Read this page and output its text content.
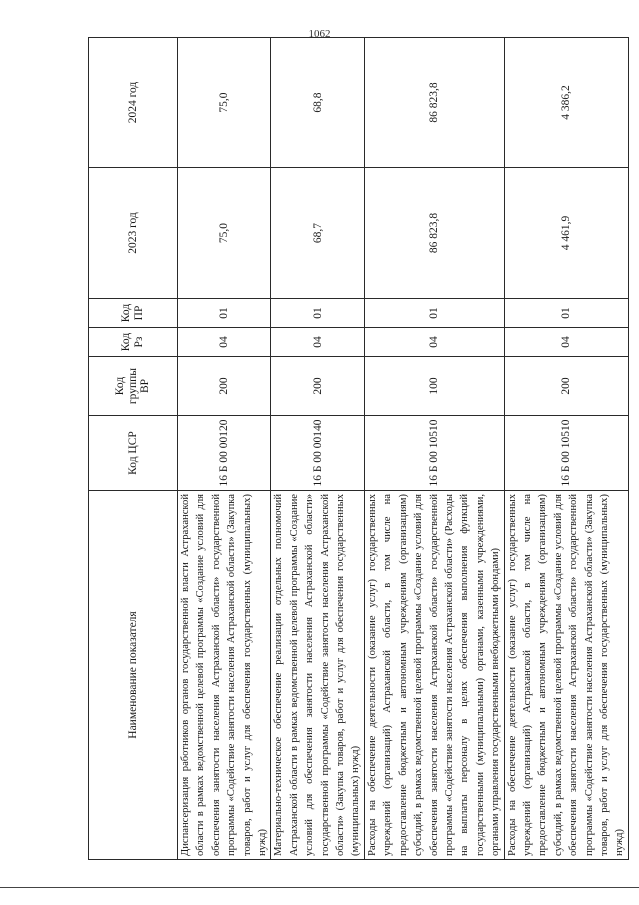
1062
Наименование показателя	Код ЦСР	Код группы ВР	Код Рз	Код ПР	2023 год	2024 год
Диспансеризация работников органов государственной власти Астраханской области в рамках ведомственной целевой программы «Создание условий для обеспечения занятости населения Астраханской области» государственной программы «Содействие занятости населения Астраханской области» (Закупка товаров, работ и услуг для обеспечения государственных (муниципальных) нужд)	16 Б 00 00120	200	04	01	75,0	75,0
Материально-техническое обеспечение реализации отдельных полномочий Астраханской области в рамках ведомственной целевой программы «Создание условий для обеспечения занятости населения Астраханской области» государственной программы «Содействие занятости населения Астраханской области» (Закупка товаров, работ и услуг для обеспечения государственных (муниципальных) нужд)	16 Б 00 00140	200	04	01	68,7	68,8
Расходы на обеспечение деятельности (оказание услуг) государственных учреждений (организаций) Астраханской области, в том числе на предоставление бюджетным и автономным учреждениям (организациям) субсидий, в рамках ведомственной целевой программы «Создание условий для обеспечения занятости населения Астраханской области» государственной программы «Содействие занятости населения Астраханской области» (Расходы на выплаты персоналу в целях обеспечения выполнения функций государственными (муниципальными) органами, казенными учреждениями, органами управления государственными внебюджетными фондами)	16 Б 00 10510	100	04	01	86 823,8	86 823,8
Расходы на обеспечение деятельности (оказание услуг) государственных учреждений (организаций) Астраханской области, в том числе на предоставление бюджетным и автономным учреждениям (организациям) субсидий, в рамках ведомственной целевой программы «Создание условий для обеспечения занятости населения Астраханской области» государственной программы «Содействие занятости населения Астраханской области» (Закупка товаров, работ и услуг для обеспечения государственных (муниципальных) нужд)	16 Б 00 10510	200	04	01	4 461,9	4 386,2
